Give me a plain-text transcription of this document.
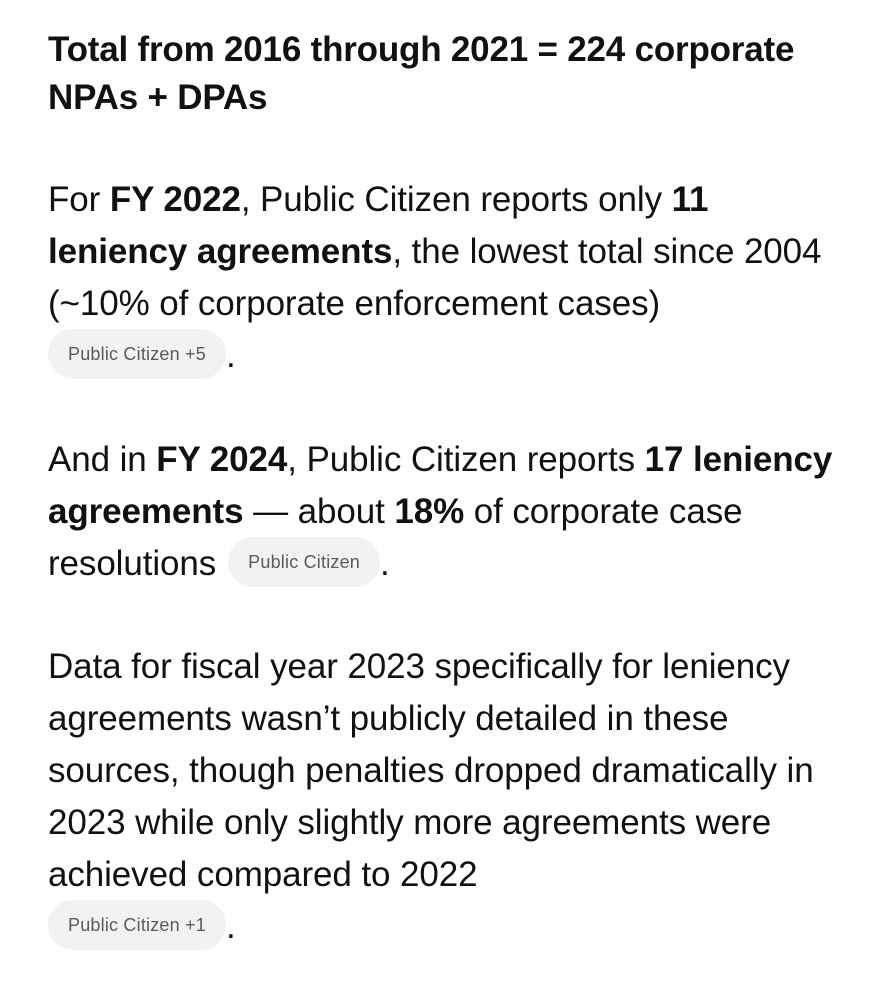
Total from 2016 through 2021 = 224 corporate NPAs + DPAs

For FY 2022, Public Citizen reports only 11 leniency agreements, the lowest total since 2004 (~10% of corporate enforcement cases)
Public Citizen +5 .

And in FY 2024, Public Citizen reports 17 leniency agreements — about 18% of corporate case resolutions Public Citizen .

Data for fiscal year 2023 specifically for leniency agreements wasn’t publicly detailed in these sources, though penalties dropped dramatically in 2023 while only slightly more agreements were achieved compared to 2022
Public Citizen +1 .
